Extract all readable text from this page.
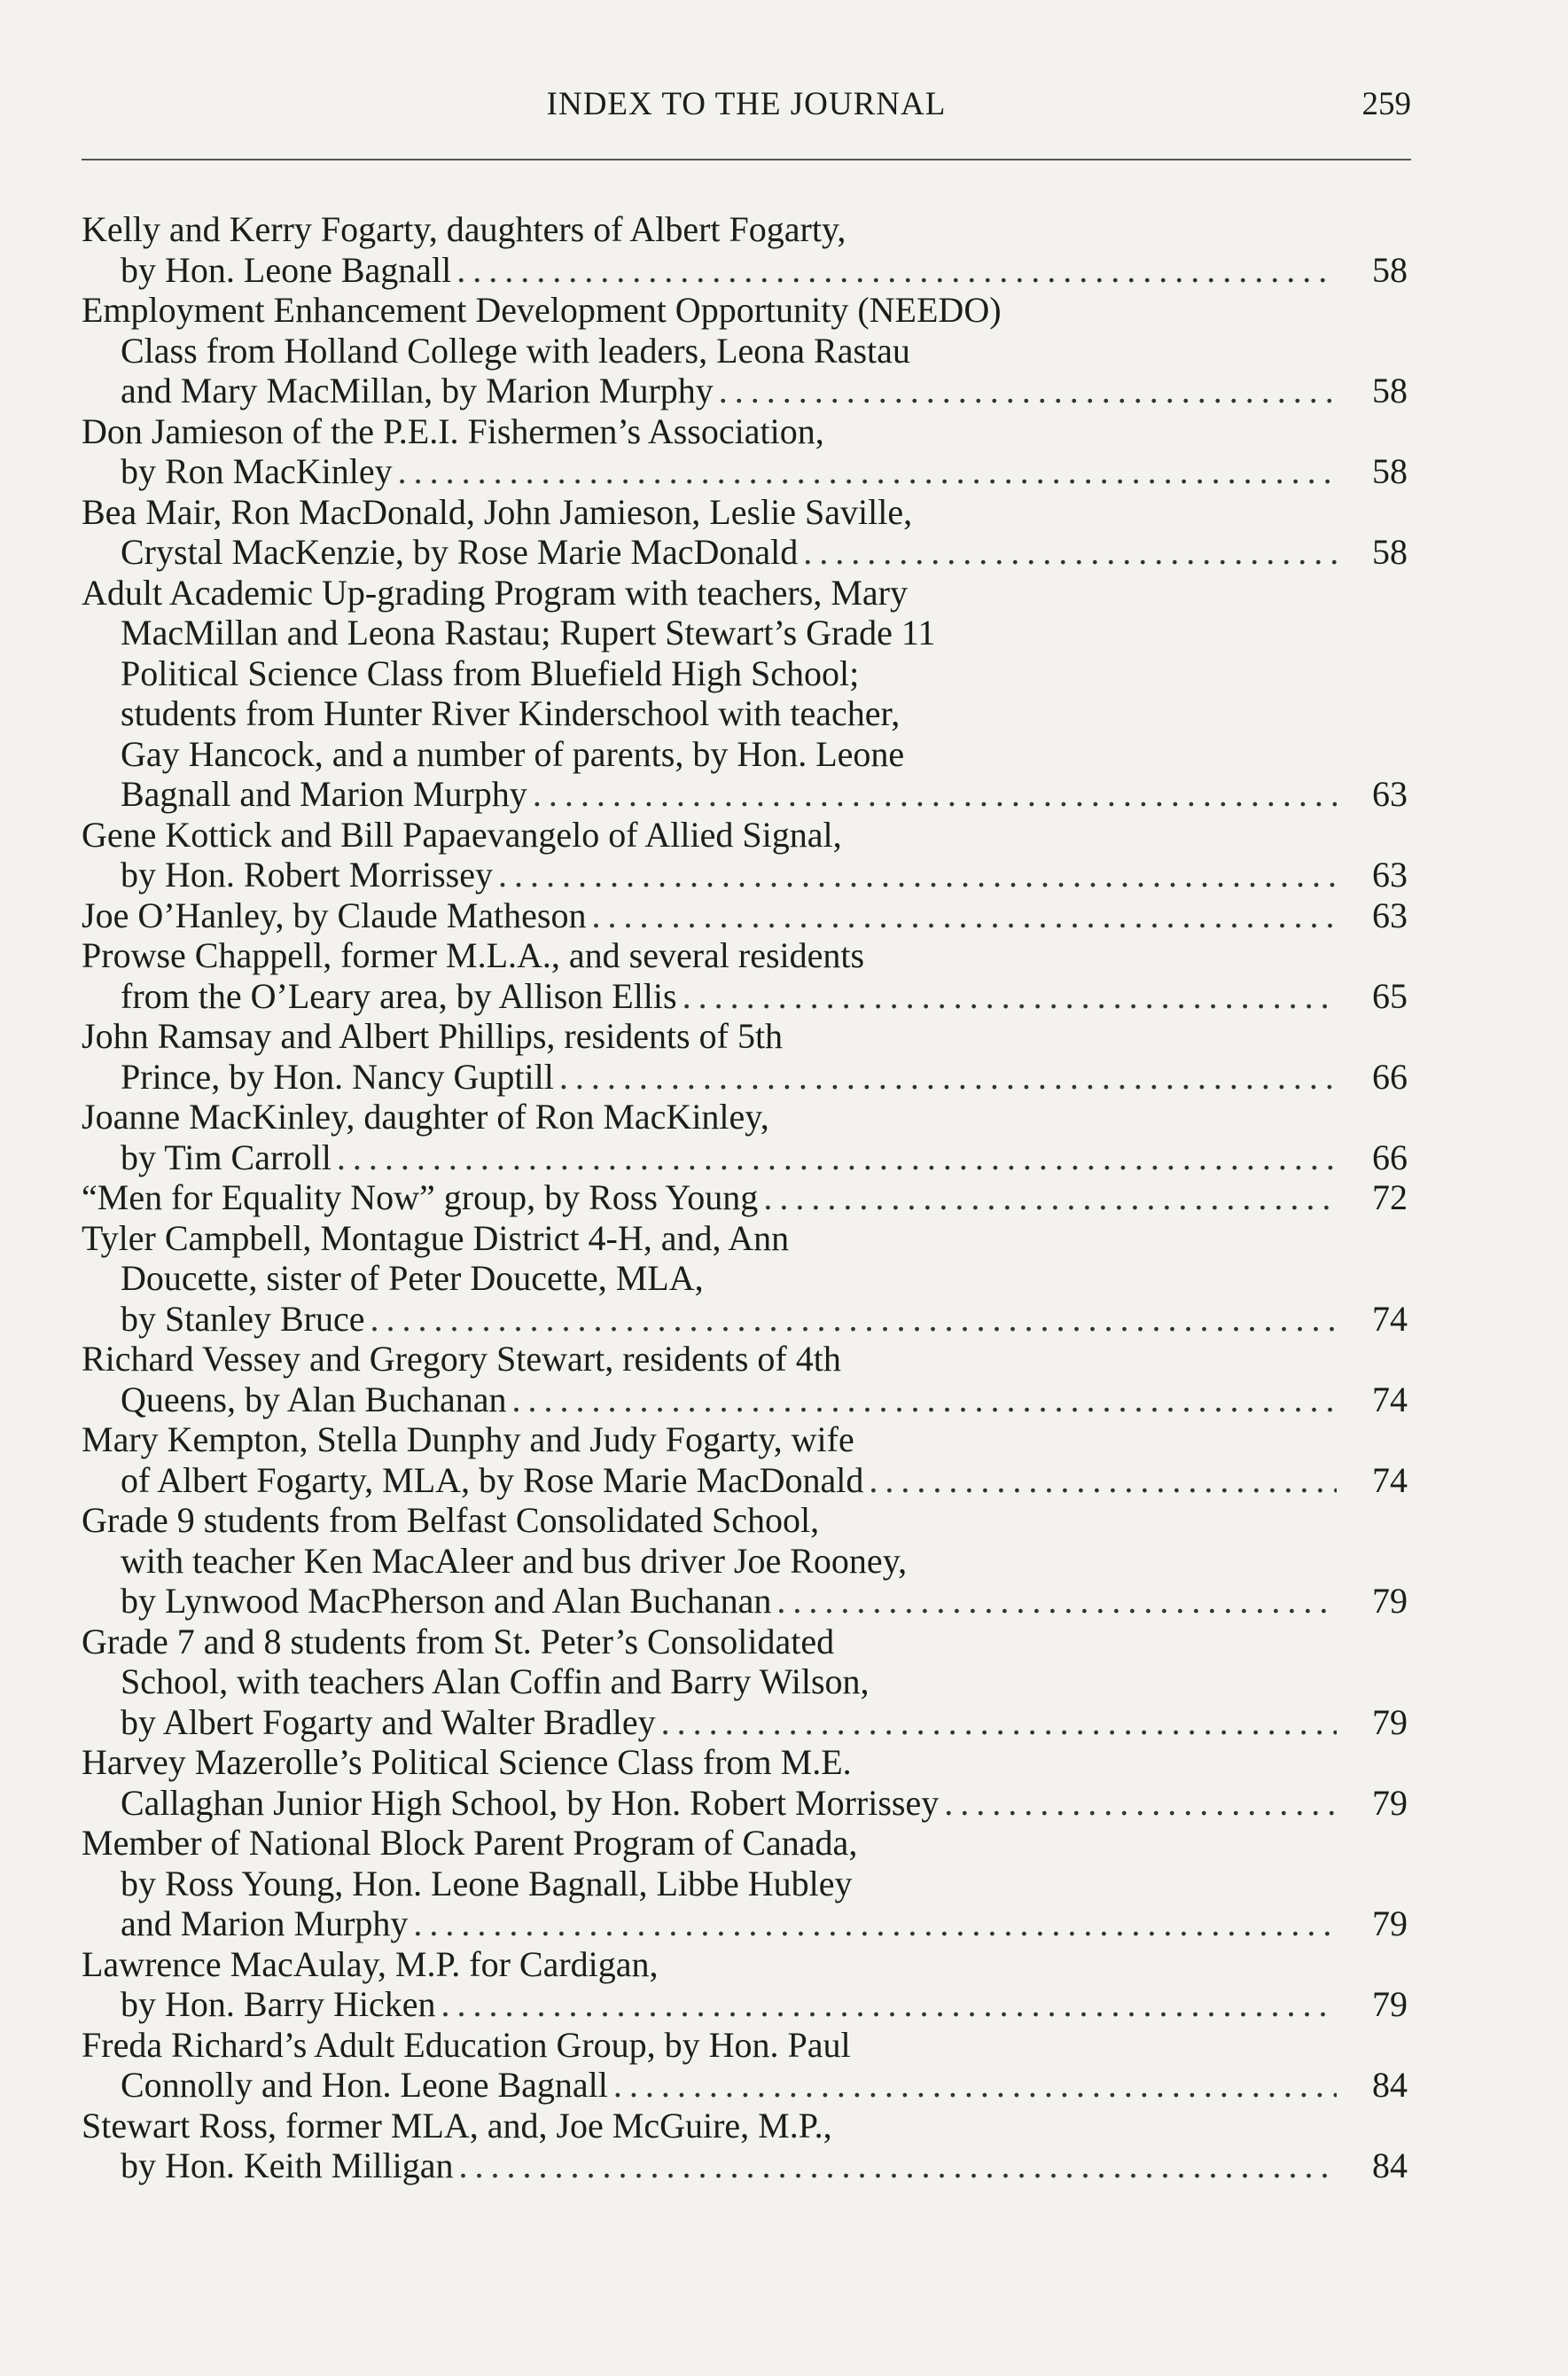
INDEX TO THE JOURNAL	259
Kelly and Kerry Fogarty, daughters of Albert Fogarty,
by Hon. Leone Bagnall . . .	58
Employment Enhancement Development Opportunity (NEEDO)
Class from Holland College with leaders, Leona Rastau
and Mary MacMillan, by Marion Murphy . . .	58
Don Jamieson of the P.E.I. Fishermen’s Association,
by Ron MacKinley . . .	58
Bea Mair, Ron MacDonald, John Jamieson, Leslie Saville,
Crystal MacKenzie, by Rose Marie MacDonald . . .	58
Adult Academic Up-grading Program with teachers, Mary
MacMillan and Leona Rastau; Rupert Stewart’s Grade 11
Political Science Class from Bluefield High School;
students from Hunter River Kinderschool with teacher,
Gay Hancock, and a number of parents, by Hon. Leone
Bagnall and Marion Murphy . . .	63
Gene Kottick and Bill Papaevangelo of Allied Signal,
by Hon. Robert Morrissey . . .	63
Joe O’Hanley, by Claude Matheson . . .	63
Prowse Chappell, former M.L.A., and several residents
from the O’Leary area, by Allison Ellis . . .	65
John Ramsay and Albert Phillips, residents of 5th
Prince, by Hon. Nancy Guptill . . .	66
Joanne MacKinley, daughter of Ron MacKinley,
by Tim Carroll . . .	66
“Men for Equality Now” group, by Ross Young . . .	72
Tyler Campbell, Montague District 4-H, and, Ann
Doucette, sister of Peter Doucette, MLA,
by Stanley Bruce . . .	74
Richard Vessey and Gregory Stewart, residents of 4th
Queens, by Alan Buchanan . . .	74
Mary Kempton, Stella Dunphy and Judy Fogarty, wife
of Albert Fogarty, MLA, by Rose Marie MacDonald . . .	74
Grade 9 students from Belfast Consolidated School,
with teacher Ken MacAleer and bus driver Joe Rooney,
by Lynwood MacPherson and Alan Buchanan . . .	79
Grade 7 and 8 students from St. Peter’s Consolidated
School, with teachers Alan Coffin and Barry Wilson,
by Albert Fogarty and Walter Bradley . . .	79
Harvey Mazerolle’s Political Science Class from M.E.
Callaghan Junior High School, by Hon. Robert Morrissey . . .	79
Member of National Block Parent Program of Canada,
by Ross Young, Hon. Leone Bagnall, Libbe Hubley
and Marion Murphy . . .	79
Lawrence MacAulay, M.P. for Cardigan,
by Hon. Barry Hicken . . .	79
Freda Richard’s Adult Education Group, by Hon. Paul
Connolly and Hon. Leone Bagnall . . .	84
Stewart Ross, former MLA, and, Joe McGuire, M.P.,
by Hon. Keith Milligan . . .	84
